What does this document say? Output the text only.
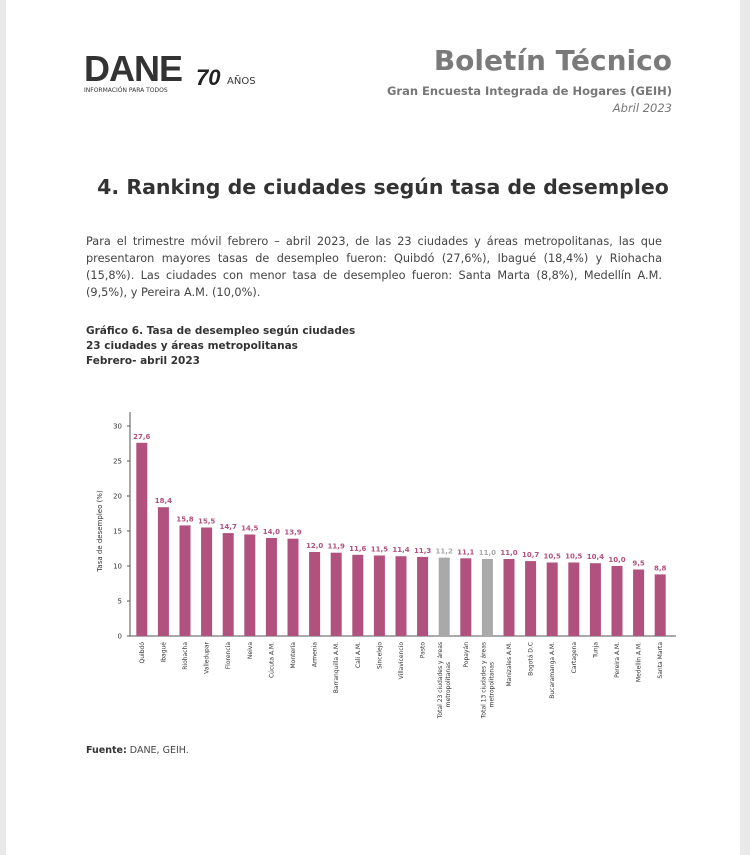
DANE
INFORMACIÓN PARA TODOS
70 AÑOS
Boletín Técnico
Gran Encuesta Integrada de Hogares (GEIH)
Abril 2023
4. Ranking de ciudades según tasa de desempleo
Para el trimestre móvil febrero – abril 2023, de las 23 ciudades y áreas metropolitanas, las que presentaron mayores tasas de desempleo fueron: Quibdó (27,6%), Ibagué (18,4%) y Riohacha (15,8%). Las ciudades con menor tasa de desempleo fueron: Santa Marta (8,8%), Medellín A.M. (9,5%), y Pereira A.M. (10,0%).
Gráfico 6. Tasa de desempleo según ciudades
23 ciudades y áreas metropolitanas
Febrero- abril 2023
0
5
10
15
20
25
30
Tasa de desempleo (%)
27,6
Quibdó
18,4
Ibagué
15,8
Riohacha
15,5
Valledupar
14,7
Florencia
14,5
Neiva
14,0
Cúcuta A.M.
13,9
Montería
12,0
Armenia
11,9
Barranquilla A.M.
11,6
Cali A.M.
11,5
Sincelejo
11,4
Villavicencio
11,3
Pasto
11,2
Total 23 ciudades y áreasmetropolitanas
11,1
Popayán
11,0
Total 13 ciudades y áreasmetropolitanas
11,0
Manizales A.M.
10,7
Bogotá D.C
10,5
Bucaramanga A.M.
10,5
Cartagena
10,4
Tunja
10,0
Pereira A.M.
9,5
Medellín A.M.
8,8
Santa Marta
Fuente: DANE, GEIH.
